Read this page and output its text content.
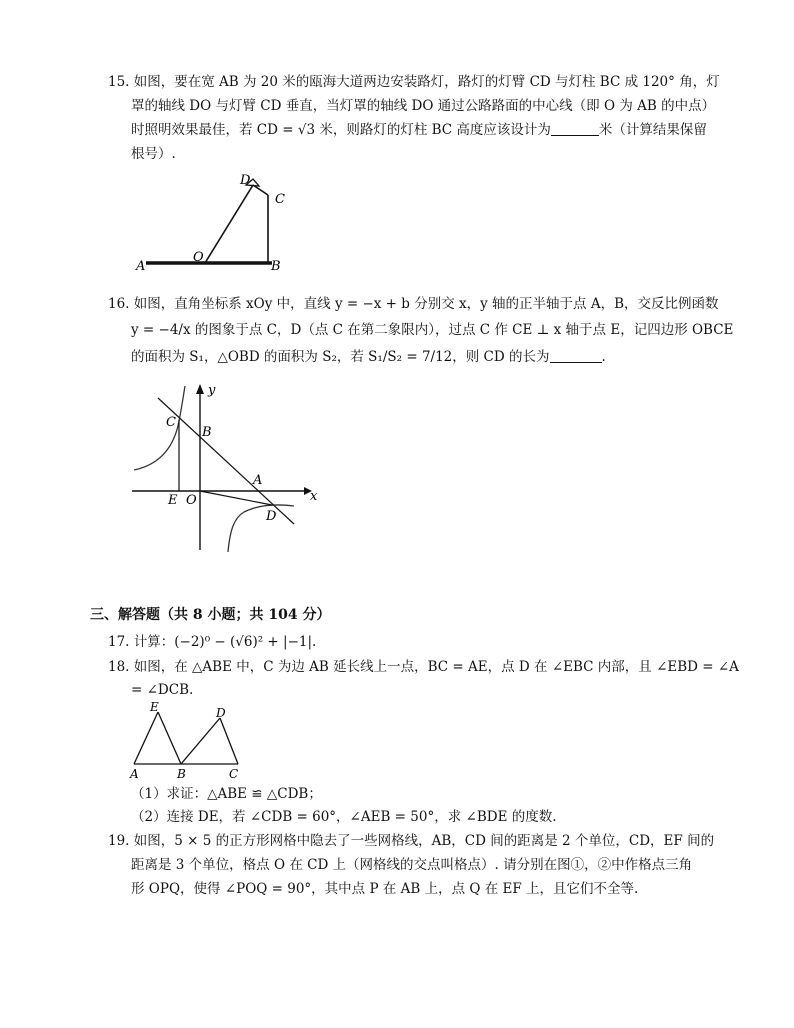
15. 如图，要在宽 AB 为 20 米的瓯海大道两边安装路灯，路灯的灯臂 CD 与灯柱 BC 成 120° 角，灯
罩的轴线 DO 与灯臂 CD 垂直，当灯罩的轴线 DO 通过公路路面的中心线（即 O 为 AB 的中点）
时照明效果最佳，若 CD = √3 米，则路灯的灯柱 BC 高度应该设计为	米（计算结果保留
根号）.
A	B
C
D
O
16. 如图，直角坐标系 xOy 中，直线 y = −x + b 分别交 x，y 轴的正半轴于点 A，B，交反比例函数
y = −4/x 的图象于点 C，D（点 C 在第二象限内），过点 C 作 CE ⊥ x 轴于点 E，记四边形 OBCE
的面积为 S₁，△OBD 的面积为 S₂，若 S₁/S₂ = 7/12，则 CD 的长为	.
y
x
C
B
A
D
E O
三、解答题（共 8 小题；共 104 分）
17. 计算：(−2)⁰ − (√6)² + |−1|.
18. 如图，在 △ABE 中，C 为边 AB 延长线上一点，BC = AE，点 D 在 ∠EBC 内部，且 ∠EBD = ∠A
= ∠DCB.
E	D
A	B	C
（1）求证：△ABE ≌ △CDB；
（2）连接 DE，若 ∠CDB = 60°，∠AEB = 50°，求 ∠BDE 的度数.
19. 如图，5 × 5 的正方形网格中隐去了一些网格线，AB，CD 间的距离是 2 个单位，CD，EF 间的
距离是 3 个单位，格点 O 在 CD 上（网格线的交点叫格点）. 请分别在图①，②中作格点三角
形 OPQ，使得 ∠POQ = 90°，其中点 P 在 AB 上，点 Q 在 EF 上，且它们不全等.
